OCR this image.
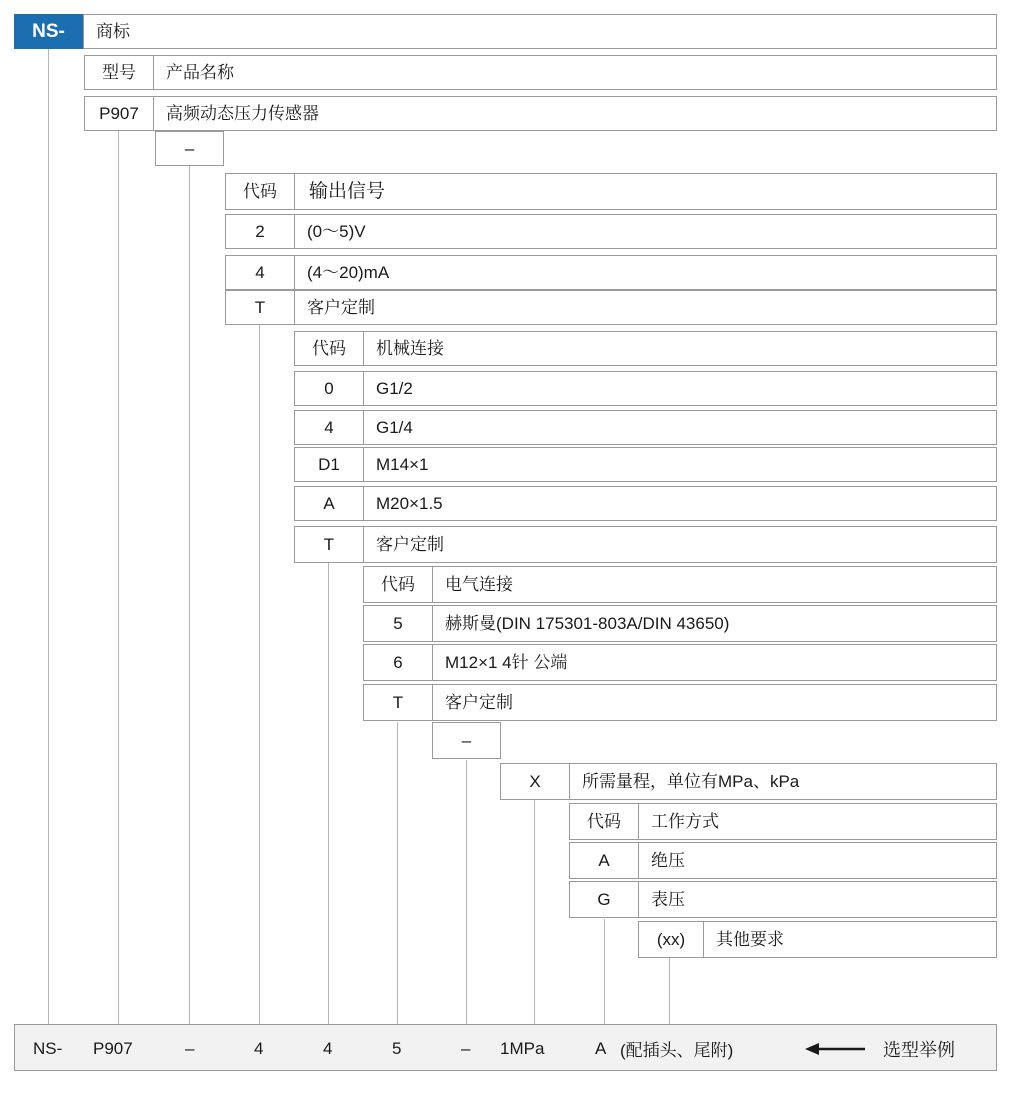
NS-	商标
型号	产品名称
P907	高频动态压力传感器
–
代码	输出信号
2	(0～5)V
4	(4～20)mA
T	客户定制
代码	机械连接
0	G1/2
4	G1/4
D1	M14×1
A	M20×1.5
T	客户定制
代码	电气连接
5	赫斯曼(DIN 175301-803A/DIN 43650)
6	M12×1 4针 公端
T	客户定制
–
X	所需量程，单位有MPa、kPa
代码	工作方式
A	绝压
G	表压
(xx)	其他要求
NS- P907	–	4	4	5	– 1MPa	A (配插头、尾附)	选型举例
